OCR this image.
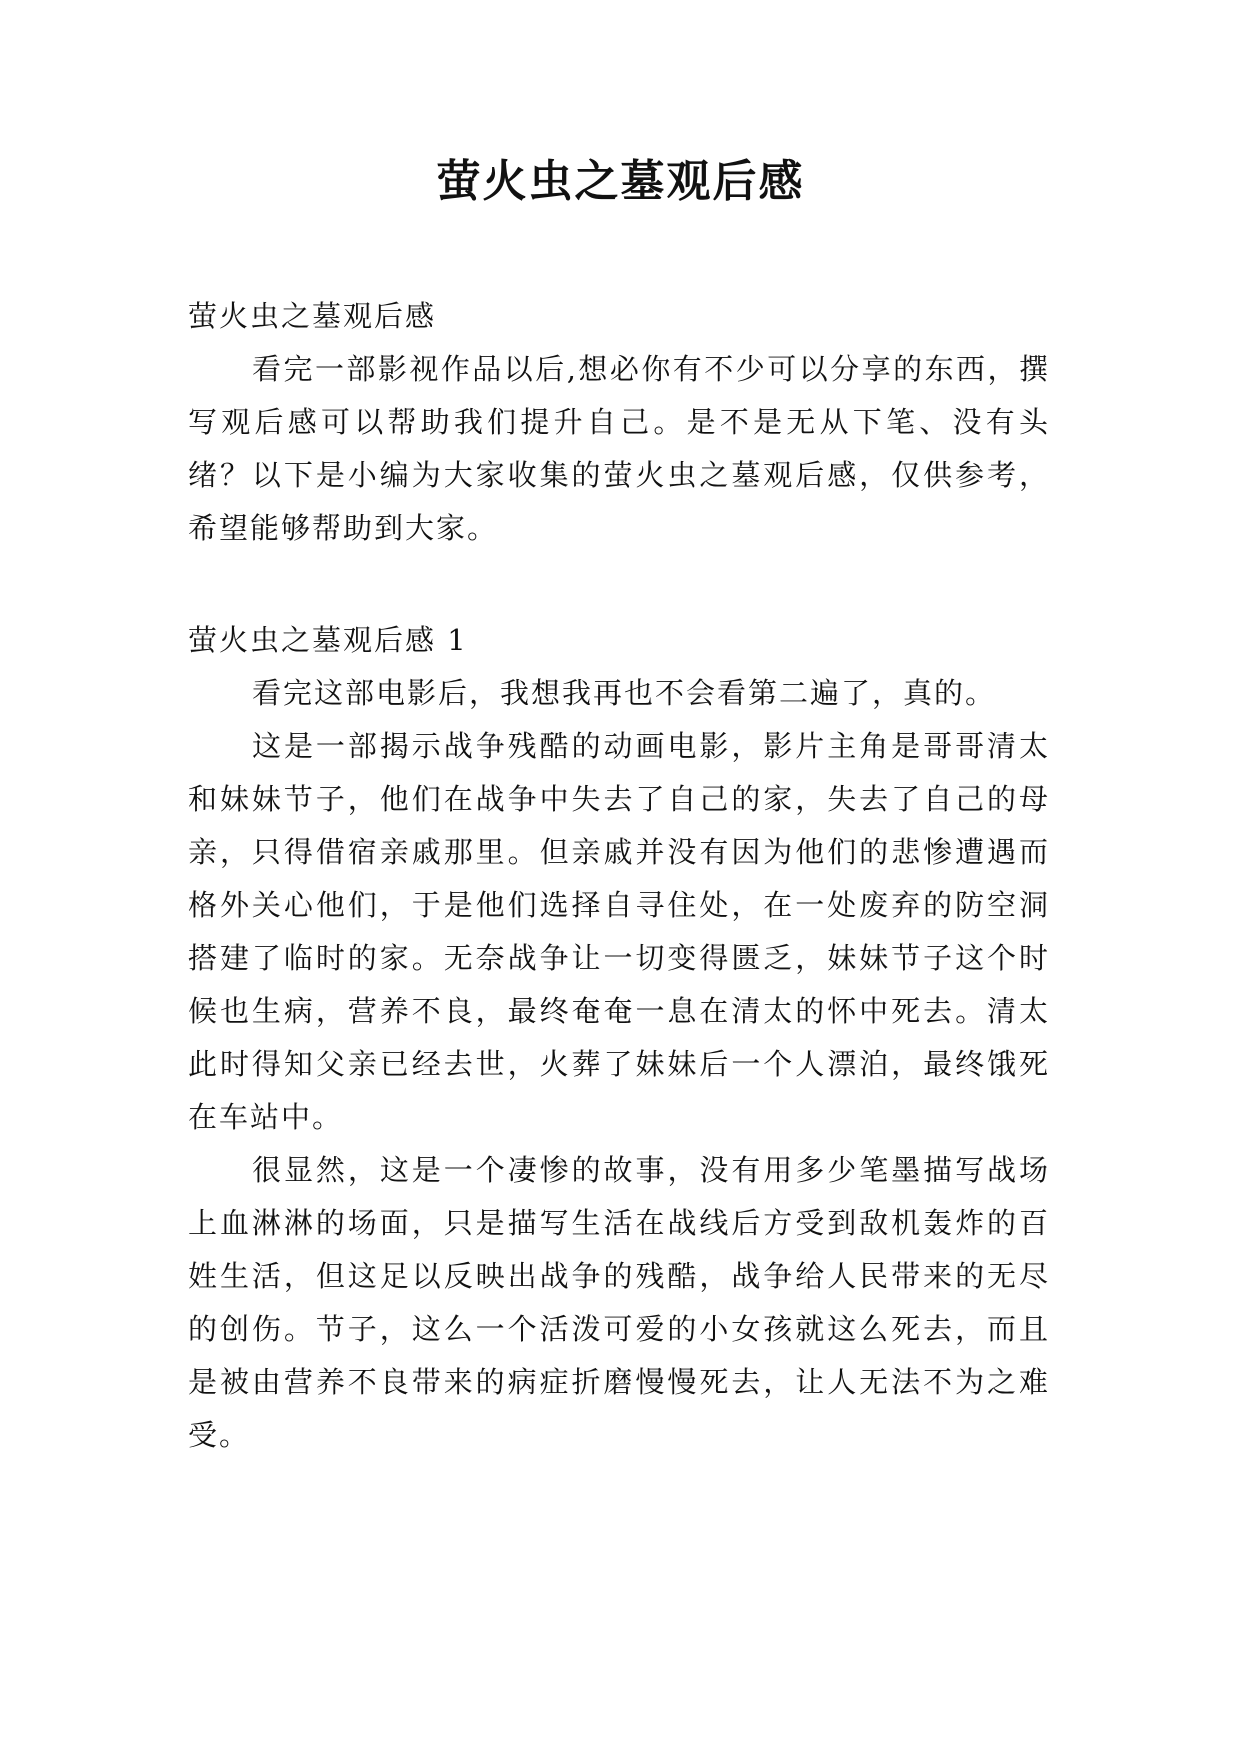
萤火虫之墓观后感

萤火虫之墓观后感

看完一部影视作品以后,想必你有不少可以分享的东西，撰写观后感可以帮助我们提升自己。是不是无从下笔、没有头绪？以下是小编为大家收集的萤火虫之墓观后感，仅供参考，希望能够帮助到大家。

萤火虫之墓观后感 1

看完这部电影后，我想我再也不会看第二遍了，真的。

这是一部揭示战争残酷的动画电影，影片主角是哥哥清太和妹妹节子，他们在战争中失去了自己的家，失去了自己的母亲，只得借宿亲戚那里。但亲戚并没有因为他们的悲惨遭遇而格外关心他们，于是他们选择自寻住处，在一处废弃的防空洞搭建了临时的家。无奈战争让一切变得匮乏，妹妹节子这个时候也生病，营养不良，最终奄奄一息在清太的怀中死去。清太此时得知父亲已经去世，火葬了妹妹后一个人漂泊，最终饿死在车站中。

很显然，这是一个凄惨的故事，没有用多少笔墨描写战场上血淋淋的场面，只是描写生活在战线后方受到敌机轰炸的百姓生活，但这足以反映出战争的残酷，战争给人民带来的无尽的创伤。节子，这么一个活泼可爱的小女孩就这么死去，而且是被由营养不良带来的病症折磨慢慢死去，让人无法不为之难受。
